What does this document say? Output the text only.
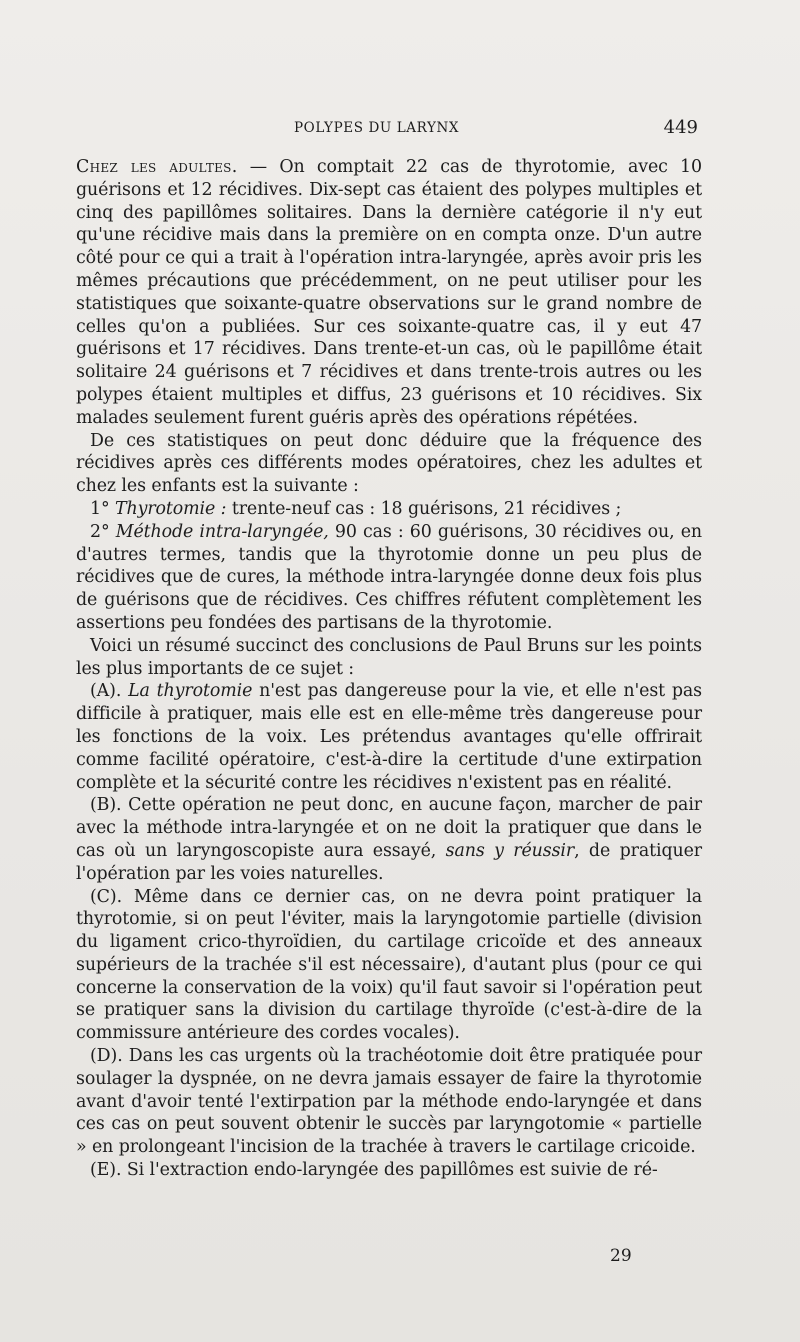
POLYPES DU LARYNX	449

Chez les adultes. — On comptait 22 cas de thyrotomie, avec 10 guérisons et 12 récidives. Dix-sept cas étaient des polypes multiples et cinq des papillômes solitaires. Dans la dernière catégorie il n'y eut qu'une récidive mais dans la première on en compta onze. D'un autre côté pour ce qui a trait à l'opération intra-laryngée, après avoir pris les mêmes précautions que précédemment, on ne peut utiliser pour les statistiques que soixante-quatre observations sur le grand nombre de celles qu'on a publiées. Sur ces soixante-quatre cas, il y eut 47 guérisons et 17 récidives. Dans trente-et-un cas, où le papillôme était solitaire 24 guérisons et 7 récidives et dans trente-trois autres ou les polypes étaient multiples et diffus, 23 guérisons et 10 récidives. Six malades seulement furent guéris après des opérations répétées.

De ces statistiques on peut donc déduire que la fréquence des récidives après ces différents modes opératoires, chez les adultes et chez les enfants est la suivante :

1° Thyrotomie : trente-neuf cas : 18 guérisons, 21 récidives ;

2° Méthode intra-laryngée, 90 cas : 60 guérisons, 30 récidives ou, en d'autres termes, tandis que la thyrotomie donne un peu plus de récidives que de cures, la méthode intra-laryngée donne deux fois plus de guérisons que de récidives. Ces chiffres réfutent complètement les assertions peu fondées des partisans de la thyrotomie.

Voici un résumé succinct des conclusions de Paul Bruns sur les points les plus importants de ce sujet :

(A). La thyrotomie n'est pas dangereuse pour la vie, et elle n'est pas difficile à pratiquer, mais elle est en elle-même très dangereuse pour les fonctions de la voix. Les prétendus avantages qu'elle offrirait comme facilité opératoire, c'est-à-dire la certitude d'une extirpation complète et la sécurité contre les récidives n'existent pas en réalité.

(B). Cette opération ne peut donc, en aucune façon, marcher de pair avec la méthode intra-laryngée et on ne doit la pratiquer que dans le cas où un laryngoscopiste aura essayé, sans y réussir, de pratiquer l'opération par les voies naturelles.

(C). Même dans ce dernier cas, on ne devra point pratiquer la thyrotomie, si on peut l'éviter, mais la laryngotomie partielle (division du ligament crico-thyroïdien, du cartilage cricoïde et des anneaux supérieurs de la trachée s'il est nécessaire), d'autant plus (pour ce qui concerne la conservation de la voix) qu'il faut savoir si l'opération peut se pratiquer sans la division du cartilage thyroïde (c'est-à-dire de la commissure antérieure des cordes vocales).

(D). Dans les cas urgents où la trachéotomie doit être pratiquée pour soulager la dyspnée, on ne devra jamais essayer de faire la thyrotomie avant d'avoir tenté l'extirpation par la méthode endo-laryngée et dans ces cas on peut souvent obtenir le succès par laryngotomie « partielle » en prolongeant l'incision de la trachée à travers le cartilage cricoide.

(E). Si l'extraction endo-laryngée des papillômes est suivie de ré-

29
